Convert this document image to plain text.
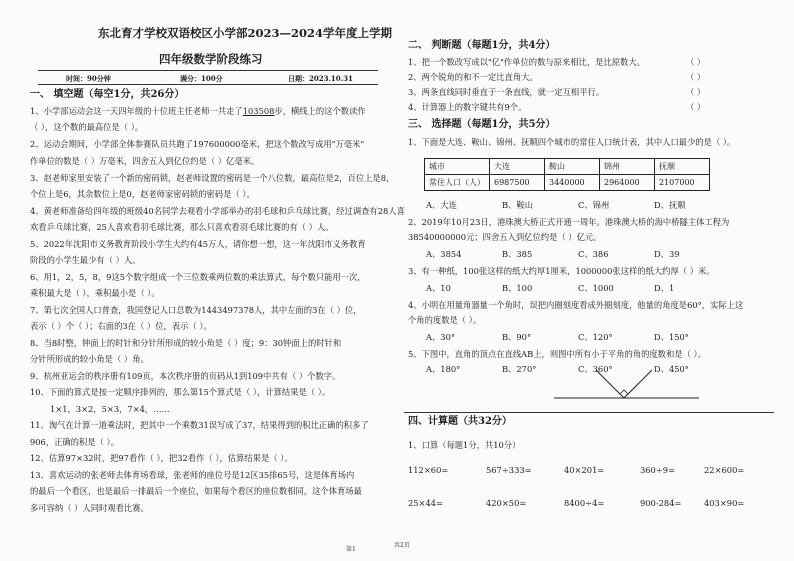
东北育才学校双语校区小学部2023—2024学年度上学期
四年级数学阶段练习
时间：90分钟	满分：100分	日期：2023.10.31
一、 填空题（每空1分，共26分）
1、小学部运动会这一天四年级的十位班主任老师一共走了103508步，横线上的这个数读作
（ ），这个数的最高位是（ ）。
2、运动会期间，小学部全体参赛队员共跑了197600000毫米，把这个数改写成用"万毫米"
作单位的数是（ ）万毫米，四舍五入到亿位约是（ ）亿毫米。
3、赵老师家里安装了一个新的密码锁，赵老师设置的密码是一个八位数，最高位是2，百位上是8，
个位上是6，其余数位上是0，赵老师家密码锁的密码是（ ）。
4、黄老师准备给四年级的班级40名同学去观看小学部举办的羽毛球和乒乓球比赛，经过调查有28人喜
欢看乒乓球比赛，25人喜欢看羽毛球比赛，那么只喜欢看羽毛球比赛的有（ ）人。
5、2022年沈阳市义务教育阶段小学生大约有45万人，请你想一想，这一年沈阳市义务教育
阶段的小学生最少有（ ）人。
6、用1，2，5，8，9这5个数字组成一个三位数乘两位数的乘法算式，每个数只能用一次，
乘积最大是（ ），乘积最小是（ ）。
7、第七次全国人口普查，我国登记人口总数为1443497378人，其中左面的3在（ ）位，
表示（ ）个（ ）；右面的3在（ ）位，表示（ ）。
8、当8时整，钟面上的时针和分针所形成的较小角是（ ）度；9：30钟面上的时针和
分针所形成的较小角是（ ）角。
9、杭州亚运会的秩序册有109页，本次秩序册的页码从1到109中共有（ ）个数字。
10、下面的算式是按一定顺序排列的，那么第15个算式是（ ），计算结果是（ ）。
1×1，3×2，5×3，7×4，……
11、淘气在计算一道乘法时，把其中一个乘数31误写成了37，结果得到的积比正确的积多了
906，正确的积是（ ）。
12、估算97×32时，把97看作（ ），把32看作（ ），估算结果是（ ）。
13、喜欢运动的张老师去体育场看球，张老师的座位号是12区35排65号，这是体育场内
的最后一个看区，也是最后一排最后一个座位，如果每个看区的座位数相同，这个体育场最
多可容纳（ ）人同时观看比赛。
二、 判断题（每题1分，共4分）
1、把一个数改写成以"亿"作单位的数与原来相比，是比原数大。	（ ）
2、两个锐角的和不一定比直角大。	（ ）
3、两条直线同时垂直于一条直线，就一定互相平行。	（ ）
4、计算器上的数字键共有9个。	（ ）
三、 选择题（每题1分，共5分）
1、下面是大连、鞍山、锦州、抚顺四个城市的常住人口统计表，其中人口最少的是（ ）。
城市	大连	鞍山	锦州	抚顺
常住人口（人）	6987500	3440000	2964000	2107000
A、大连	B、鞍山	C、锦州	D、抚顺
2、2019年10月23日，港珠澳大桥正式开通一周年。港珠澳大桥的海中桥隧主体工程为
38540000000元；四舍五入到亿位约是（ ）亿元。
A、3854	B、385	C、386	D、39
3、有一种纸，100张这样的纸大约厚1厘米，1000000张这样的纸大约厚（ ）米。
A、10	B、100	C、1000	D、1
4、小明在用量角器量一个角时，误把内圈刻度看成外圈刻度，他量的角度是60°，实际上这
个角的度数是（ ）。
A、30°	B、90°	C、120°	D、150°
5、下图中，直角的顶点在直线AB上，则图中所有小于平角的角的度数和是（ ）。
A、180°	B、270°	C、360°	D、450°
四、计算题（共32分）
1、口算（每题1分，共10分）
112×60=	567÷333=	40×201=	360÷9=	22×600=
25×44=	420×50=	8400÷4=	900-284=	403×90=
第1
共2页
